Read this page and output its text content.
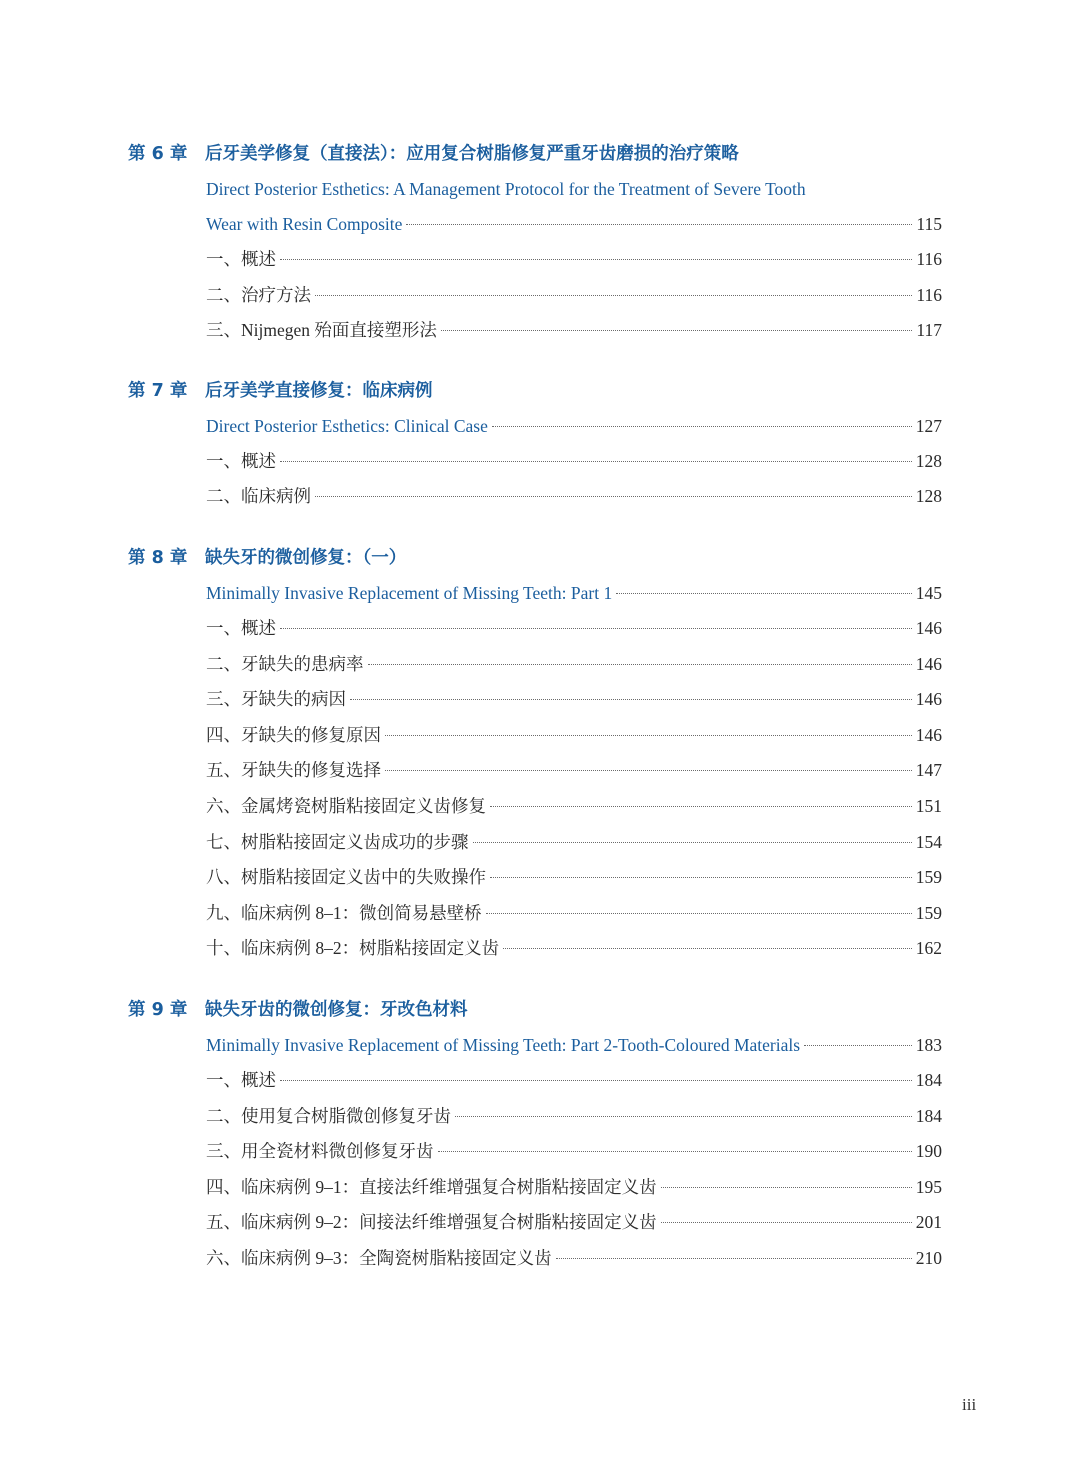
第 6 章 后牙美学修复（直接法）：应用复合树脂修复严重牙齿磨损的治疗策略
Direct Posterior Esthetics: A Management Protocol for the Treatment of Severe Tooth
Wear with Resin Composite	115
一、概述	116
二、治疗方法	116
三、Nijmegen 殆面直接塑形法	117
第 7 章 后牙美学直接修复：临床病例
Direct Posterior Esthetics: Clinical Case	127
一、概述	128
二、临床病例	128
第 8 章 缺失牙的微创修复：（一）
Minimally Invasive Replacement of Missing Teeth: Part 1	145
一、概述	146
二、牙缺失的患病率	146
三、牙缺失的病因	146
四、牙缺失的修复原因	146
五、牙缺失的修复选择	147
六、金属烤瓷树脂粘接固定义齿修复	151
七、树脂粘接固定义齿成功的步骤	154
八、树脂粘接固定义齿中的失败操作	159
九、临床病例 8–1：微创简易悬壁桥	159
十、临床病例 8–2：树脂粘接固定义齿	162
第 9 章 缺失牙齿的微创修复：牙改色材料
Minimally Invasive Replacement of Missing Teeth: Part 2-Tooth-Coloured Materials	183
一、概述	184
二、使用复合树脂微创修复牙齿	184
三、用全瓷材料微创修复牙齿	190
四、临床病例 9–1：直接法纤维增强复合树脂粘接固定义齿	195
五、临床病例 9–2：间接法纤维增强复合树脂粘接固定义齿	201
六、临床病例 9–3：全陶瓷树脂粘接固定义齿	210
iii
